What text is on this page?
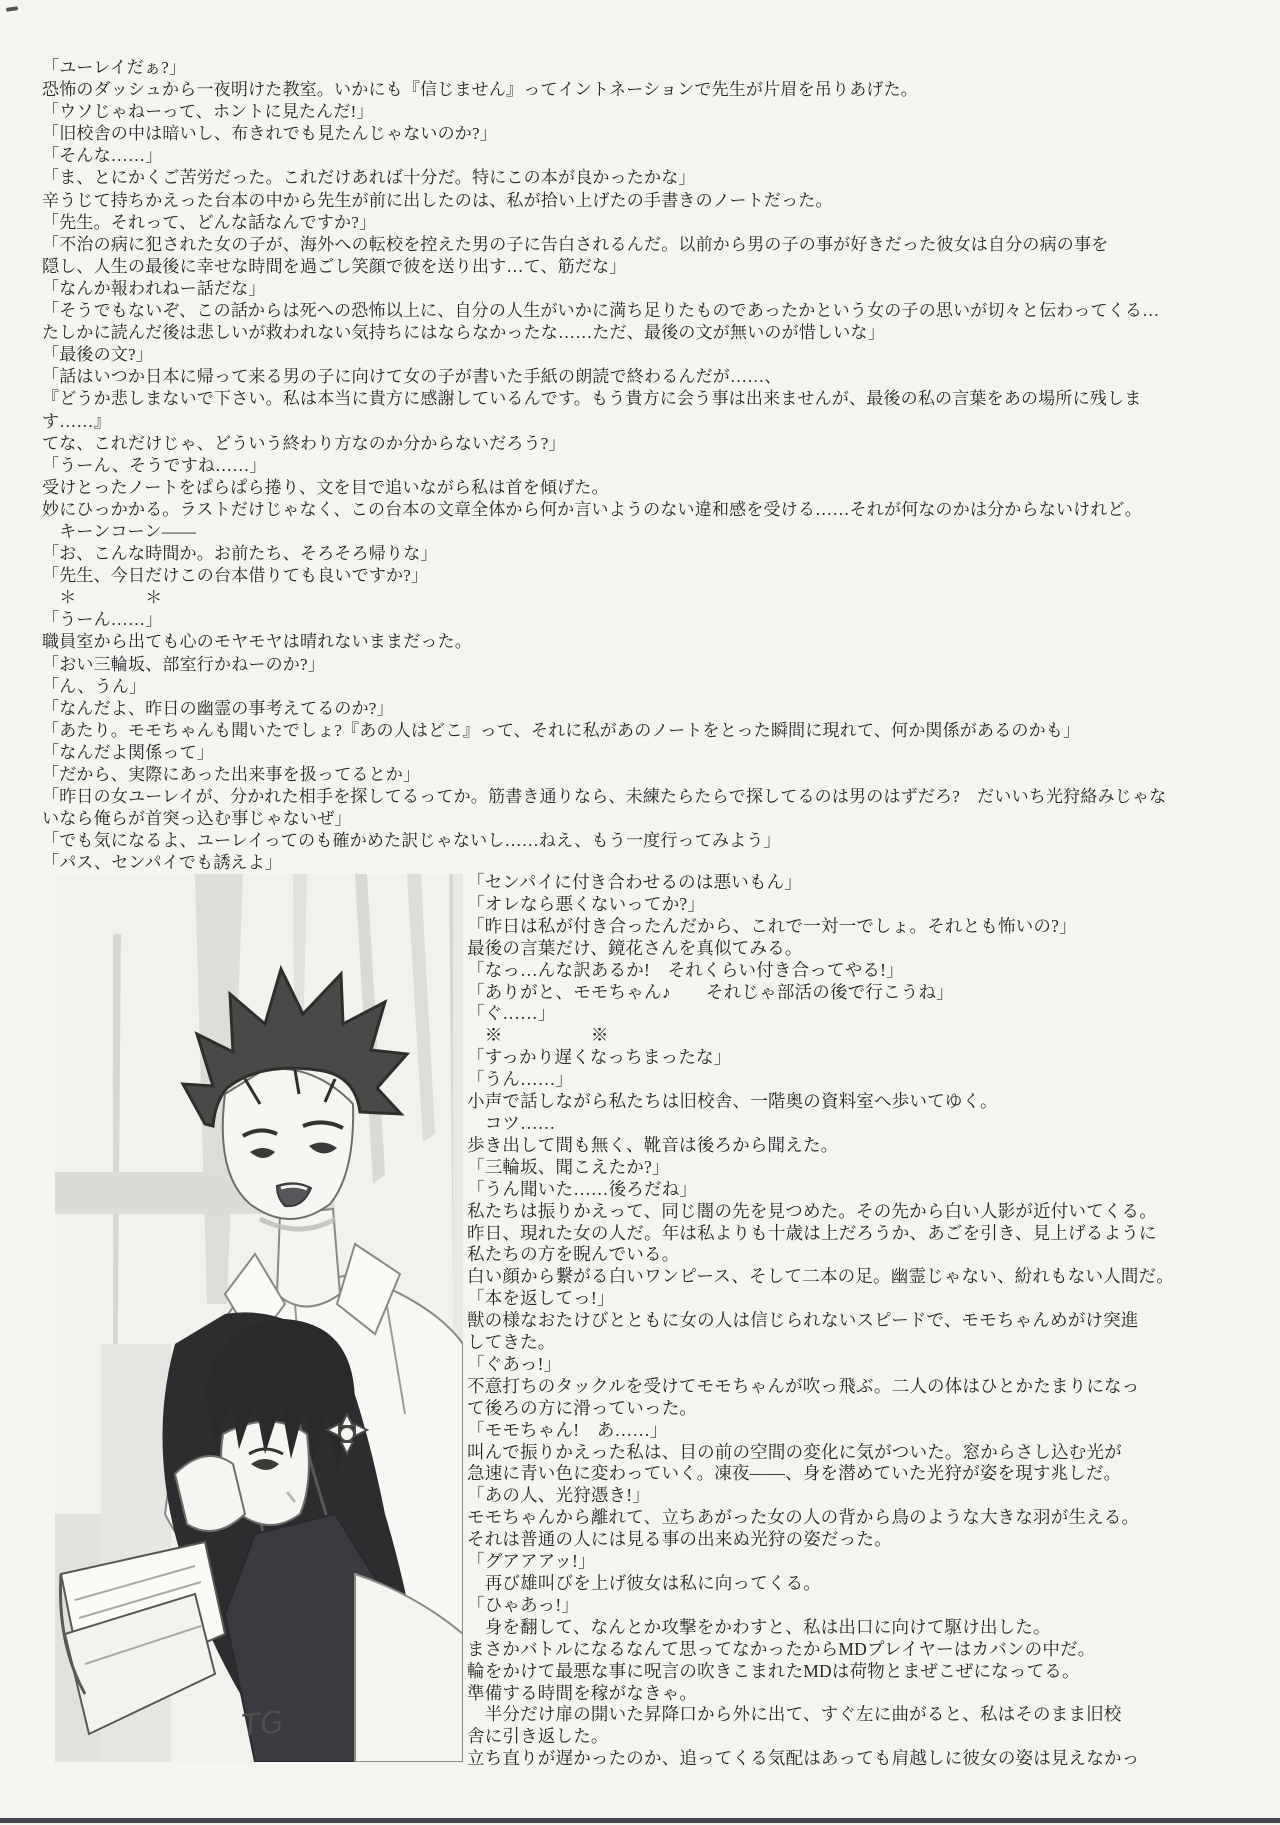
「ユーレイだぁ?」
恐怖のダッシュから一夜明けた教室。いかにも『信じません』ってイントネーションで先生が片眉を吊りあげた。
「ウソじゃねーって、ホントに見たんだ!」
「旧校舎の中は暗いし、布きれでも見たんじゃないのか?」
「そんな……」
「ま、とにかくご苦労だった。これだけあれば十分だ。特にこの本が良かったかな」
辛うじて持ちかえった台本の中から先生が前に出したのは、私が拾い上げたの手書きのノートだった。
「先生。それって、どんな話なんですか?」
「不治の病に犯された女の子が、海外への転校を控えた男の子に告白されるんだ。以前から男の子の事が好きだった彼女は自分の病の事を
隠し、人生の最後に幸せな時間を過ごし笑顔で彼を送り出す…て、筋だな」
「なんか報われねー話だな」
「そうでもないぞ、この話からは死への恐怖以上に、自分の人生がいかに満ち足りたものであったかという女の子の思いが切々と伝わってくる…
たしかに読んだ後は悲しいが救われない気持ちにはならなかったな……ただ、最後の文が無いのが惜しいな」
「最後の文?」
「話はいつか日本に帰って来る男の子に向けて女の子が書いた手紙の朗読で終わるんだが……、
『どうか悲しまないで下さい。私は本当に貴方に感謝しているんです。もう貴方に会う事は出来ませんが、最後の私の言葉をあの場所に残しま
す……』
てな、これだけじゃ、どういう終わり方なのか分からないだろう?」
「うーん、そうですね……」
受けとったノートをぱらぱら捲り、文を目で追いながら私は首を傾げた。
妙にひっかかる。ラストだけじゃなく、この台本の文章全体から何か言いようのない違和感を受ける……それが何なのかは分からないけれど。
　キーンコーン――
「お、こんな時間か。お前たち、そろそろ帰りな」
「先生、今日だけこの台本借りても良いですか?」
　＊　　　　＊
「うーん……」
職員室から出ても心のモヤモヤは晴れないままだった。
「おい三輪坂、部室行かねーのか?」
「ん、うん」
「なんだよ、昨日の幽霊の事考えてるのか?」
「あたり。モモちゃんも聞いたでしょ?『あの人はどこ』って、それに私があのノートをとった瞬間に現れて、何か関係があるのかも」
「なんだよ関係って」
「だから、実際にあった出来事を扱ってるとか」
「昨日の女ユーレイが、分かれた相手を探してるってか。筋書き通りなら、未練たらたらで探してるのは男のはずだろ?　だいいち光狩絡みじゃな
いなら俺らが首突っ込む事じゃないぜ」
「でも気になるよ、ユーレイってのも確かめた訳じゃないし……ねえ、もう一度行ってみよう」
「パス、センパイでも誘えよ」
TG
「センパイに付き合わせるのは悪いもん」
「オレなら悪くないってか?」
「昨日は私が付き合ったんだから、これで一対一でしょ。それとも怖いの?」
最後の言葉だけ、鏡花さんを真似てみる。
「なっ…んな訳あるか!　それくらい付き合ってやる!」
「ありがと、モモちゃん♪　　それじゃ部活の後で行こうね」
「ぐ……」
　※　　　　　※
「すっかり遅くなっちまったな」
「うん……」
小声で話しながら私たちは旧校舎、一階奥の資料室へ歩いてゆく。
　コツ……
歩き出して間も無く、靴音は後ろから聞えた。
「三輪坂、聞こえたか?」
「うん聞いた……後ろだね」
私たちは振りかえって、同じ闇の先を見つめた。その先から白い人影が近付いてくる。
昨日、現れた女の人だ。年は私よりも十歳は上だろうか、あごを引き、見上げるように
私たちの方を睨んでいる。
白い顔から繋がる白いワンピース、そして二本の足。幽霊じゃない、紛れもない人間だ。
「本を返してっ!」
獣の様なおたけびとともに女の人は信じられないスピードで、モモちゃんめがけ突進
してきた。
「ぐあっ!」
不意打ちのタックルを受けてモモちゃんが吹っ飛ぶ。二人の体はひとかたまりになっ
て後ろの方に滑っていった。
「モモちゃん!　あ……」
叫んで振りかえった私は、目の前の空間の変化に気がついた。窓からさし込む光が
急速に青い色に変わっていく。凍夜――、身を潜めていた光狩が姿を現す兆しだ。
「あの人、光狩憑き!」
モモちゃんから離れて、立ちあがった女の人の背から鳥のような大きな羽が生える。
それは普通の人には見る事の出来ぬ光狩の姿だった。
「グアアアッ!」
　再び雄叫びを上げ彼女は私に向ってくる。
「ひゃあっ!」
　身を翻して、なんとか攻撃をかわすと、私は出口に向けて駆け出した。
まさかバトルになるなんて思ってなかったからMDプレイヤーはカバンの中だ。
輪をかけて最悪な事に呪言の吹きこまれたMDは荷物とまぜこぜになってる。
準備する時間を稼がなきゃ。
　半分だけ扉の開いた昇降口から外に出て、すぐ左に曲がると、私はそのまま旧校
舎に引き返した。
立ち直りが遅かったのか、追ってくる気配はあっても肩越しに彼女の姿は見えなかっ
